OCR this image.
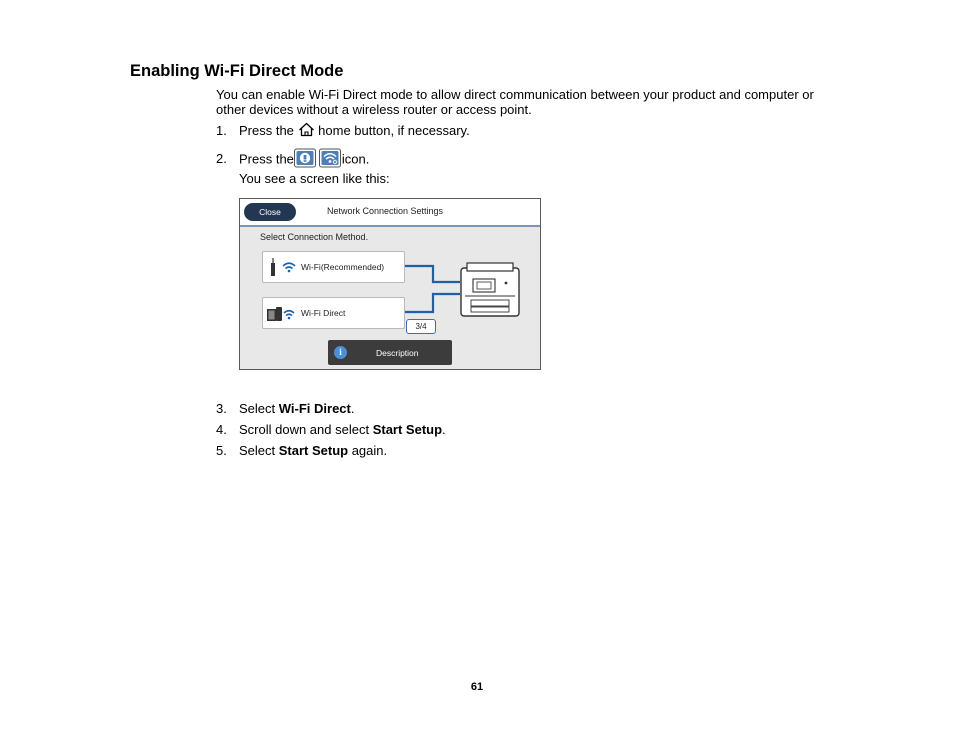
Enabling Wi-Fi Direct Mode
You can enable Wi-Fi Direct mode to allow direct communication between your product and computer or other devices without a wireless router or access point.
1. Press the home button, if necessary.
2. Press the	icon.
You see a screen like this:
Close	Network Connection Settings
Select Connection Method.
Wi-Fi(Recommended)
Wi-Fi Direct
3/4
i	Description
3. Select Wi-Fi Direct.
4. Scroll down and select Start Setup.
5. Select Start Setup again.
61
